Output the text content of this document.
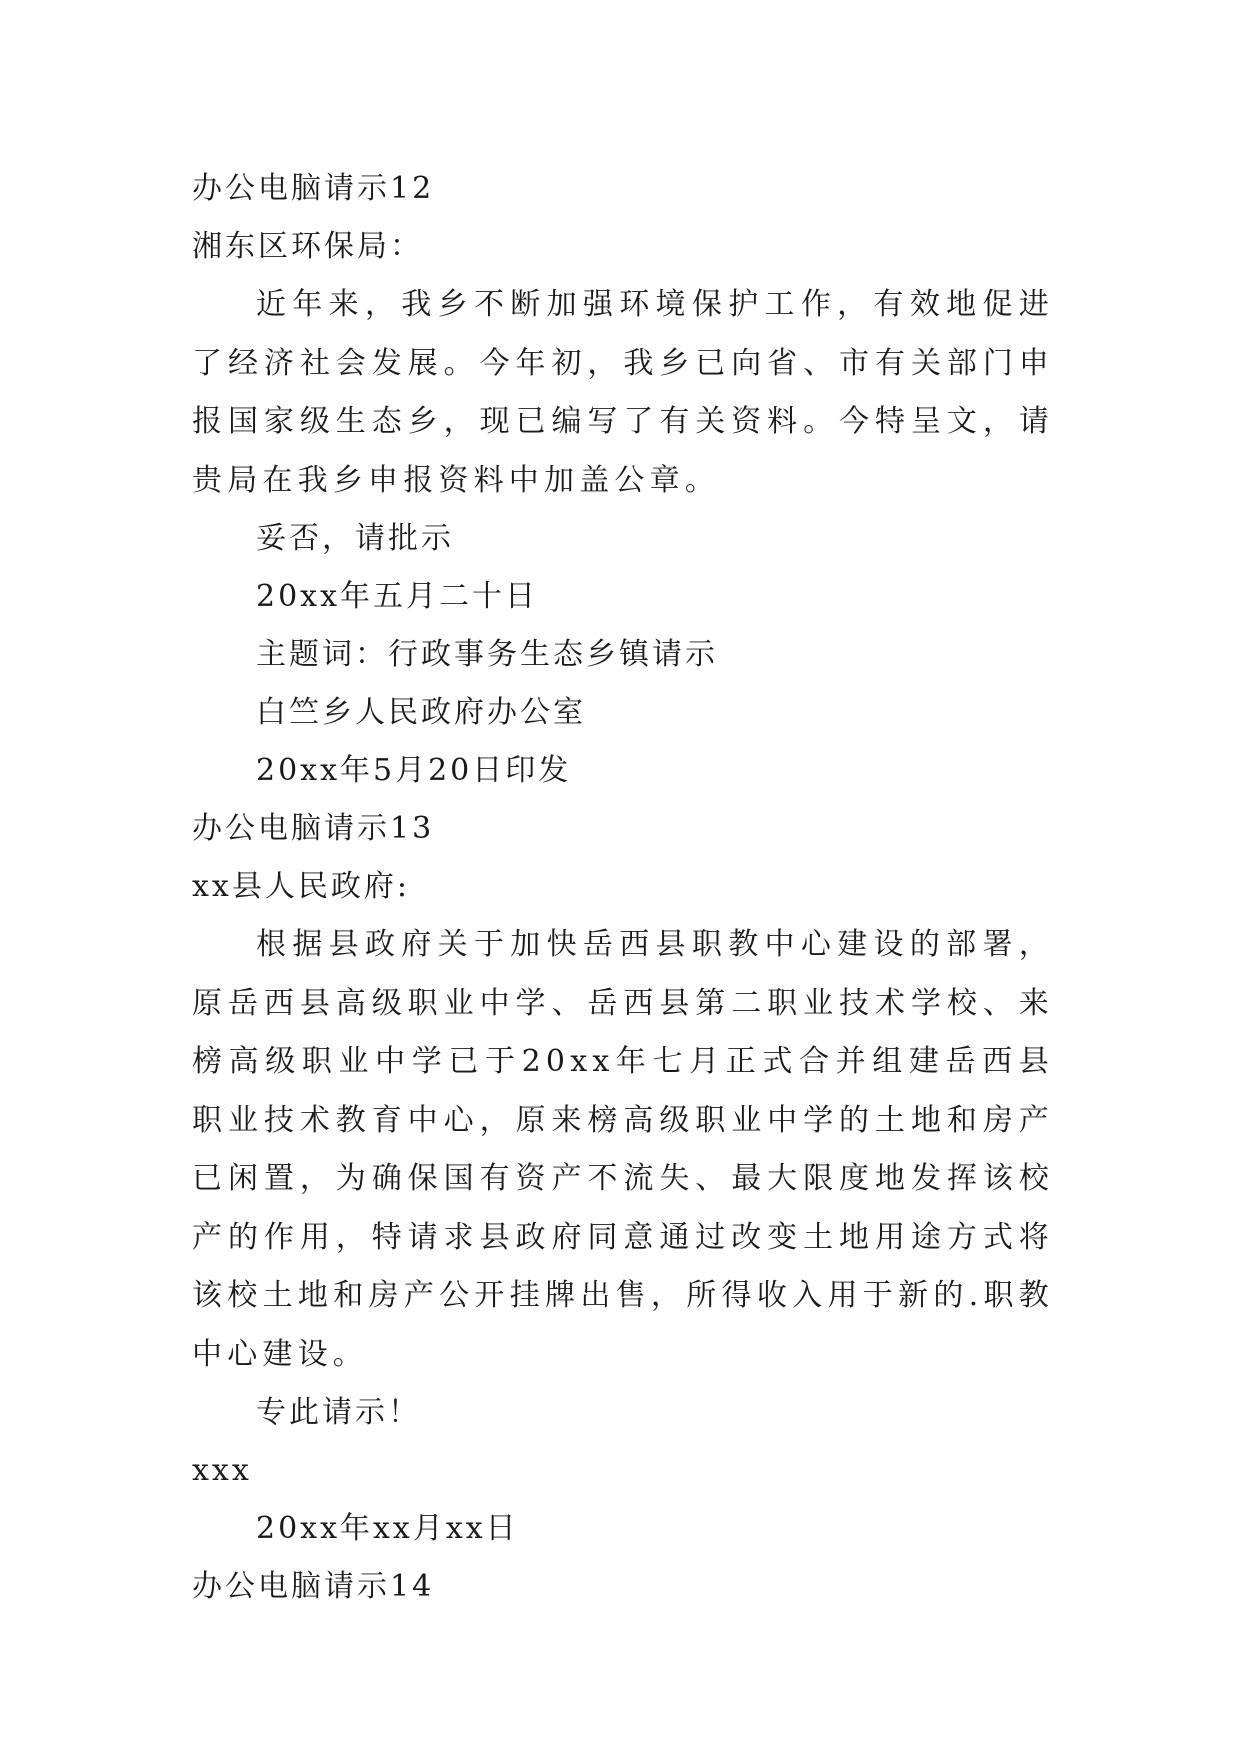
办公电脑请示12

湘东区环保局：

近年来，我乡不断加强环境保护工作，有效地促进了经济社会发展。今年初，我乡已向省、市有关部门申报国家级生态乡，现已编写了有关资料。今特呈文，请贵局在我乡申报资料中加盖公章。

妥否，请批示

20xx年五月二十日

主题词：行政事务生态乡镇请示

白竺乡人民政府办公室

20xx年5月20日印发

办公电脑请示13

xx县人民政府:

根据县政府关于加快岳西县职教中心建设的部署，原岳西县高级职业中学、岳西县第二职业技术学校、来榜高级职业中学已于20xx年七月正式合并组建岳西县职业技术教育中心，原来榜高级职业中学的土地和房产已闲置，为确保国有资产不流失、最大限度地发挥该校产的作用，特请求县政府同意通过改变土地用途方式将该校土地和房产公开挂牌出售，所得收入用于新的.职教中心建设。

专此请示！

xxx

20xx年xx月xx日

办公电脑请示14
